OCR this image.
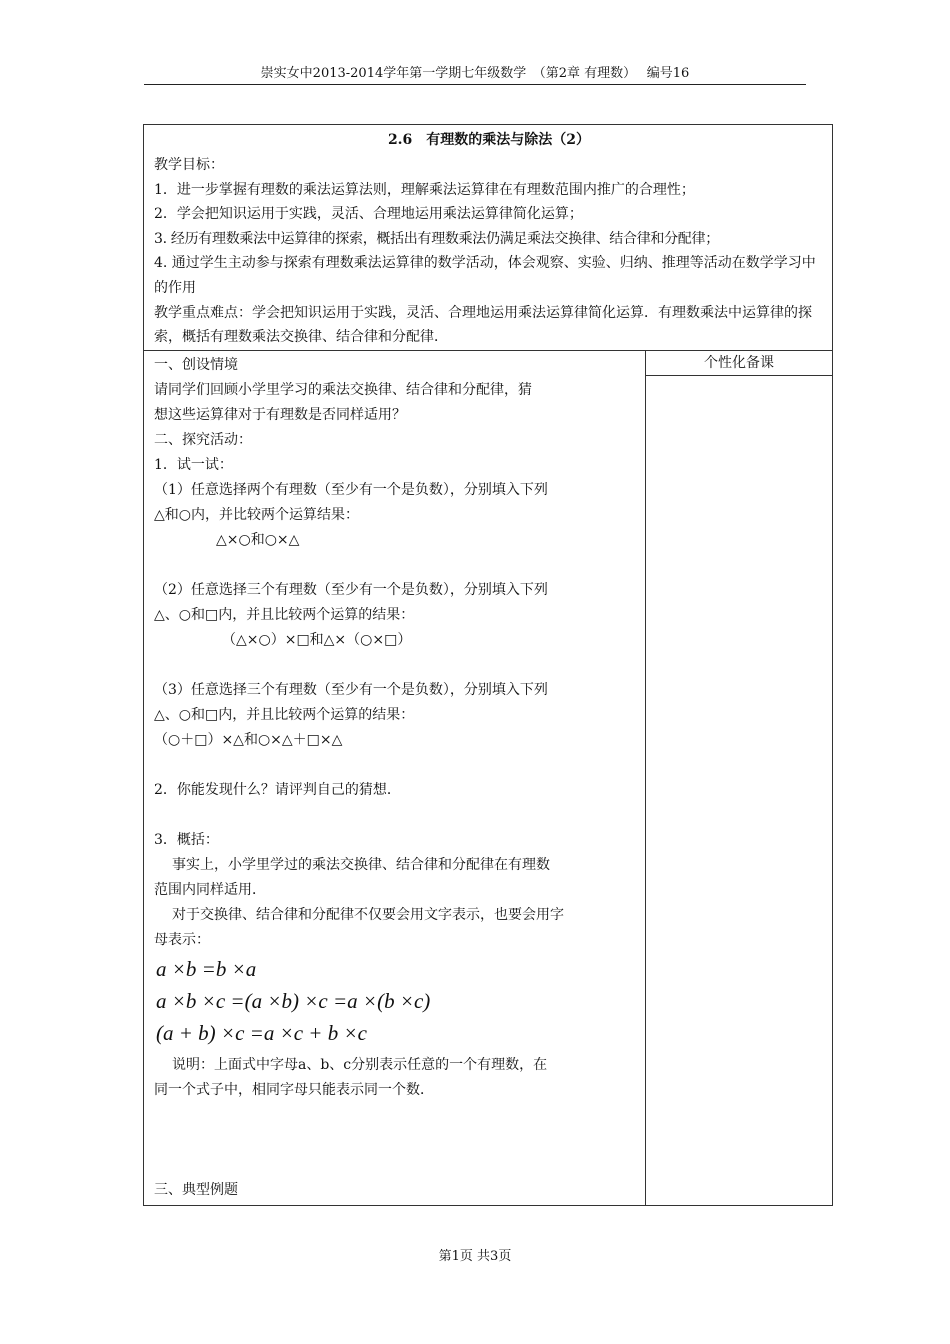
崇实女中2013-2014学年第一学期七年级数学　（第2章 有理数）　 编号16
2.6　有理数的乘法与除法（2）
教学目标：
1．进一步掌握有理数的乘法运算法则，理解乘法运算律在有理数范围内推广的合理性；
2．学会把知识运用于实践，灵活、合理地运用乘法运算律简化运算；
3. 经历有理数乘法中运算律的探索，概括出有理数乘法仍满足乘法交换律、结合律和分配律；
4. 通过学生主动参与探索有理数乘法运算律的数学活动，体会观察、实验、归纳、推理等活动在数学学习中的作用
教学重点难点：学会把知识运用于实践，灵活、合理地运用乘法运算律简化运算．有理数乘法中运算律的探索，概括有理数乘法交换律、结合律和分配律．
一、创设情境
请同学们回顾小学里学习的乘法交换律、结合律和分配律，猜
想这些运算律对于有理数是否同样适用？
二、探究活动：
1．试一试：
（1）任意选择两个有理数（至少有一个是负数），分别填入下列
△和○内，并比较两个运算结果：
△×○和○×△
（2）任意选择三个有理数（至少有一个是负数），分别填入下列
△、○和□内，并且比较两个运算的结果：
（△×○）×□和△×（○×□）
（3）任意选择三个有理数（至少有一个是负数），分别填入下列
△、○和□内，并且比较两个运算的结果：
（○＋□）×△和○×△＋□×△
2．你能发现什么？请评判自己的猜想．
3．概括：
事实上，小学里学过的乘法交换律、结合律和分配律在有理数
范围内同样适用．
对于交换律、结合律和分配律不仅要会用文字表示，也要会用字
母表示：
a ×b =b ×a
a ×b ×c =(a ×b) ×c =a ×(b ×c)
(a + b) ×c =a ×c + b ×c
说明：上面式中字母a、b、c分别表示任意的一个有理数，在
同一个式子中，相同字母只能表示同一个数．
三、典型例题
个性化备课
第1页 共3页
